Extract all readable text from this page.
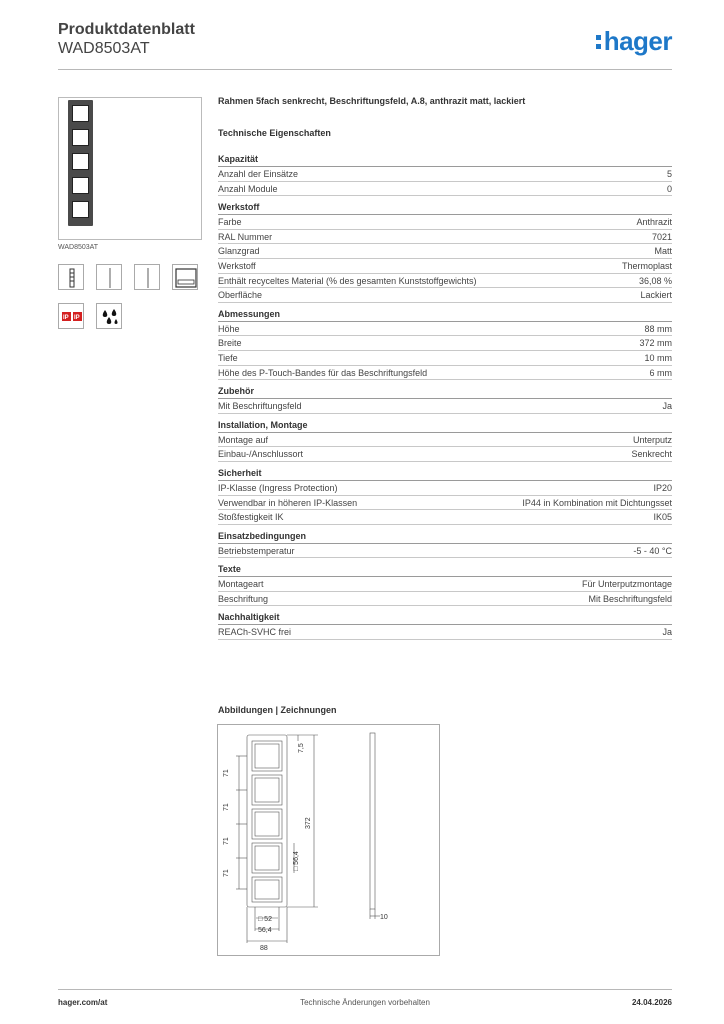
Produktdatenblatt
WAD8503AT	hager
WAD8503AT
IP IP
Rahmen 5fach senkrecht, Beschriftungsfeld, A.8, anthrazit matt, lackiert
Technische Eigenschaften
Kapazität
Anzahl der Einsätze	5
Anzahl Module	0
Werkstoff
Farbe	Anthrazit
RAL Nummer	7021
Glanzgrad	Matt
Werkstoff	Thermoplast
Enthält recyceltes Material (% des gesamten Kunststoffgewichts)	36,08 %
Oberfläche	Lackiert
Abmessungen
Höhe	88 mm
Breite	372 mm
Tiefe	10 mm
Höhe des P-Touch-Bandes für das Beschriftungsfeld	6 mm
Zubehör
Mit Beschriftungsfeld	Ja
Installation, Montage
Montage auf	Unterputz
Einbau-/Anschlussort	Senkrecht
Sicherheit
IP-Klasse (Ingress Protection)	IP20
Verwendbar in höheren IP-Klassen	IP44 in Kombination mit Dichtungsset
Stoßfestigkeit IK	IK05
Einsatzbedingungen
Betriebstemperatur	-5 - 40 °C
Texte
Montageart	Für Unterputzmontage
Beschriftung	Mit Beschriftungsfeld
Nachhaltigkeit
REACh-SVHC frei	Ja
Abbildungen | Zeichnungen
71
71
71
71
7,5
372
□ 56,4
□ 52
56,4
88
10
hager.com/at	Technische Änderungen vorbehalten	24.04.2026
